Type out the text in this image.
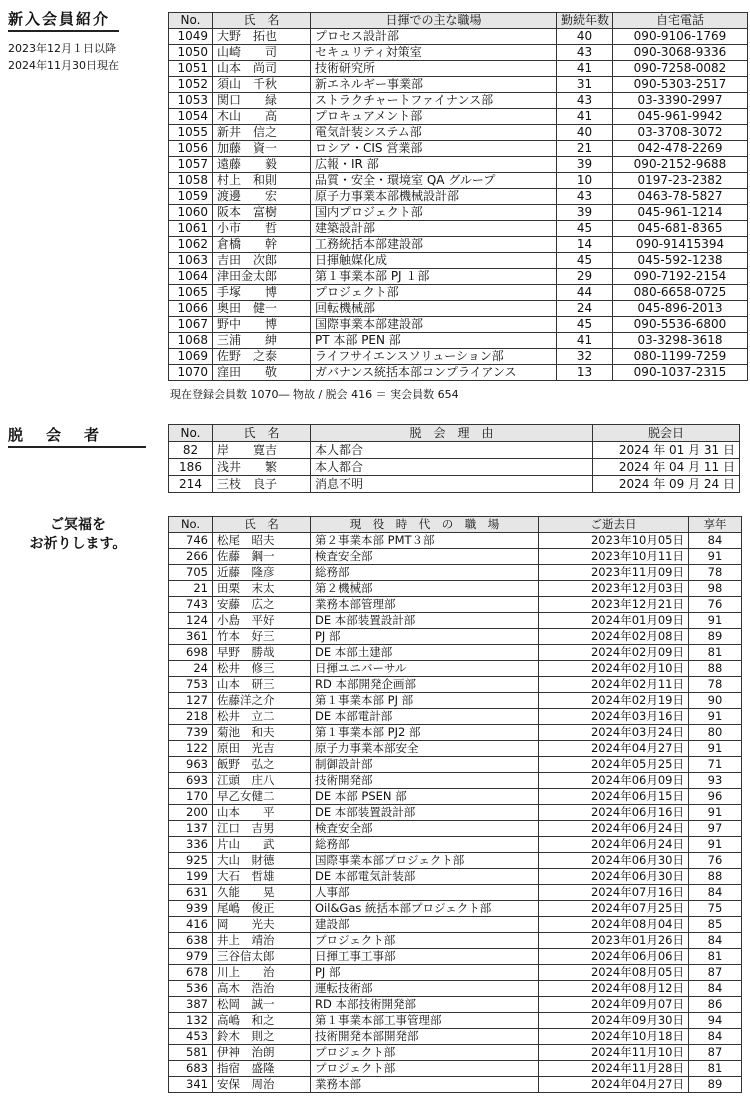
新入会員紹介
2023年12月１日以降
2024年11月30日現在
No.	氏　名	日揮での主な職場	勤続年数	自宅電話
1049	大野　拓也	プロセス設計部	40	090-9106-1769
1050	山崎　　司	セキュリティ対策室	43	090-3068-9336
1051	山本　尚司	技術研究所	41	090-7258-0082
1052	須山　千秋	新エネルギー事業部	31	090-5303-2517
1053	関口　　緑	ストラクチャートファイナンス部	43	03-3390-2997
1054	木山　　高	プロキュアメント部	41	045-961-9942
1055	新井　信之	電気計装システム部	40	03-3708-3072
1056	加藤　資一	ロシア・CIS 営業部	21	042-478-2269
1057	遠藤　　毅	広報・IR 部	39	090-2152-9688
1058	村上　和則	品質・安全・環境室 QA グループ	10	0197-23-2382
1059	渡邊　　宏	原子力事業本部機械設計部	43	0463-78-5827
1060	阪本　富樹	国内プロジェクト部	39	045-961-1214
1061	小市　　哲	建築設計部	45	045-681-8365
1062	倉橋　　幹	工務統括本部建設部	14	090-91415394
1063	吉田　次郎	日揮触媒化成	45	045-592-1238
1064	津田金太郎	第１事業本部 PJ １部	29	090-7192-2154
1065	手塚　　博	プロジェクト部	44	080-6658-0725
1066	奥田　健一	回転機械部	24	045-896-2013
1067	野中　　博	国際事業本部建設部	45	090-5536-6800
1068	三浦　　紳	PT 本部 PEN 部	41	03-3298-3618
1069	佐野　之泰	ライフサイエンスソリューション部	32	080-1199-7259
1070	窪田　　敬	ガバナンス統括本部コンプライアンス	13	090-1037-2315
現在登録会員数 1070― 物故 / 脱会 416 ＝ 実会員数 654
脱　会　者	No.	氏　名	脱　会　理　由	脱会日
82	岸　　寛吉	本人都合	2024 年 01 月 31 日
186	浅井　　繁	本人都合	2024 年 04 月 11 日
214	三枝　良子	消息不明	2024 年 09 月 24 日
ご冥福を
お祈りします。
No.	氏　名	現　役　時　代　の　職　場	ご逝去日	享年
746	松尾　昭夫	第２事業本部 PMT３部	2023年10月05日	84
266	佐藤　鋼一	検査安全部	2023年10月11日	91
705	近藤　隆彦	総務部	2023年11月09日	78
21	田栗　末太	第２機械部	2023年12月03日	98
743	安藤　広之	業務本部管理部	2023年12月21日	76
124	小島　平好	DE 本部装置設計部	2024年01月09日	91
361	竹本　好三	PJ 部	2024年02月08日	89
698	早野　勝哉	DE 本部土建部	2024年02月09日	81
24	松井　修三	日揮ユニバーサル	2024年02月10日	88
753	山本　研三	RD 本部開発企画部	2024年02月11日	78
127	佐藤洋之介	第１事業本部 PJ 部	2024年02月19日	90
218	松井　立二	DE 本部電計部	2024年03月16日	91
739	菊池　和夫	第１事業本部 PJ2 部	2024年03月24日	80
122	原田　光吉	原子力事業本部安全	2024年04月27日	91
963	飯野　弘之	制御設計部	2024年05月25日	71
693	江頭　庄八	技術開発部	2024年06月09日	93
170	早乙女健二	DE 本部 PSEN 部	2024年06月15日	96
200	山本　　平	DE 本部装置設計部	2024年06月16日	91
137	江口　吉男	検査安全部	2024年06月24日	97
336	片山　　武	総務部	2024年06月24日	91
925	大山　財德	国際事業本部プロジェクト部	2024年06月30日	76
199	大石　哲雄	DE 本部電気計装部	2024年06月30日	88
631	久能　　晃	人事部	2024年07月16日	84
939	尾嶋　俊正	Oil&Gas 統括本部プロジェクト部	2024年07月25日	75
416	岡　　光夫	建設部	2024年08月04日	85
638	井上　靖治	プロジェクト部	2023年01月26日	84
979	三谷信太郎	日揮工事工事部	2024年06月06日	81
678	川上　　治	PJ 部	2024年08月05日	87
536	高木　浩治	運転技術部	2024年08月12日	84
387	松岡　誠一	RD 本部技術開発部	2024年09月07日	86
132	高嶋　和之	第１事業本部工事管理部	2024年09月30日	94
453	鈴木　則之	技術開発本部開発部	2024年10月18日	84
581	伊神　治朗	プロジェクト部	2024年11月10日	87
683	指宿　盛隆	プロジェクト部	2024年11月28日	81
341	安保　周治	業務本部	2024年04月27日	89
